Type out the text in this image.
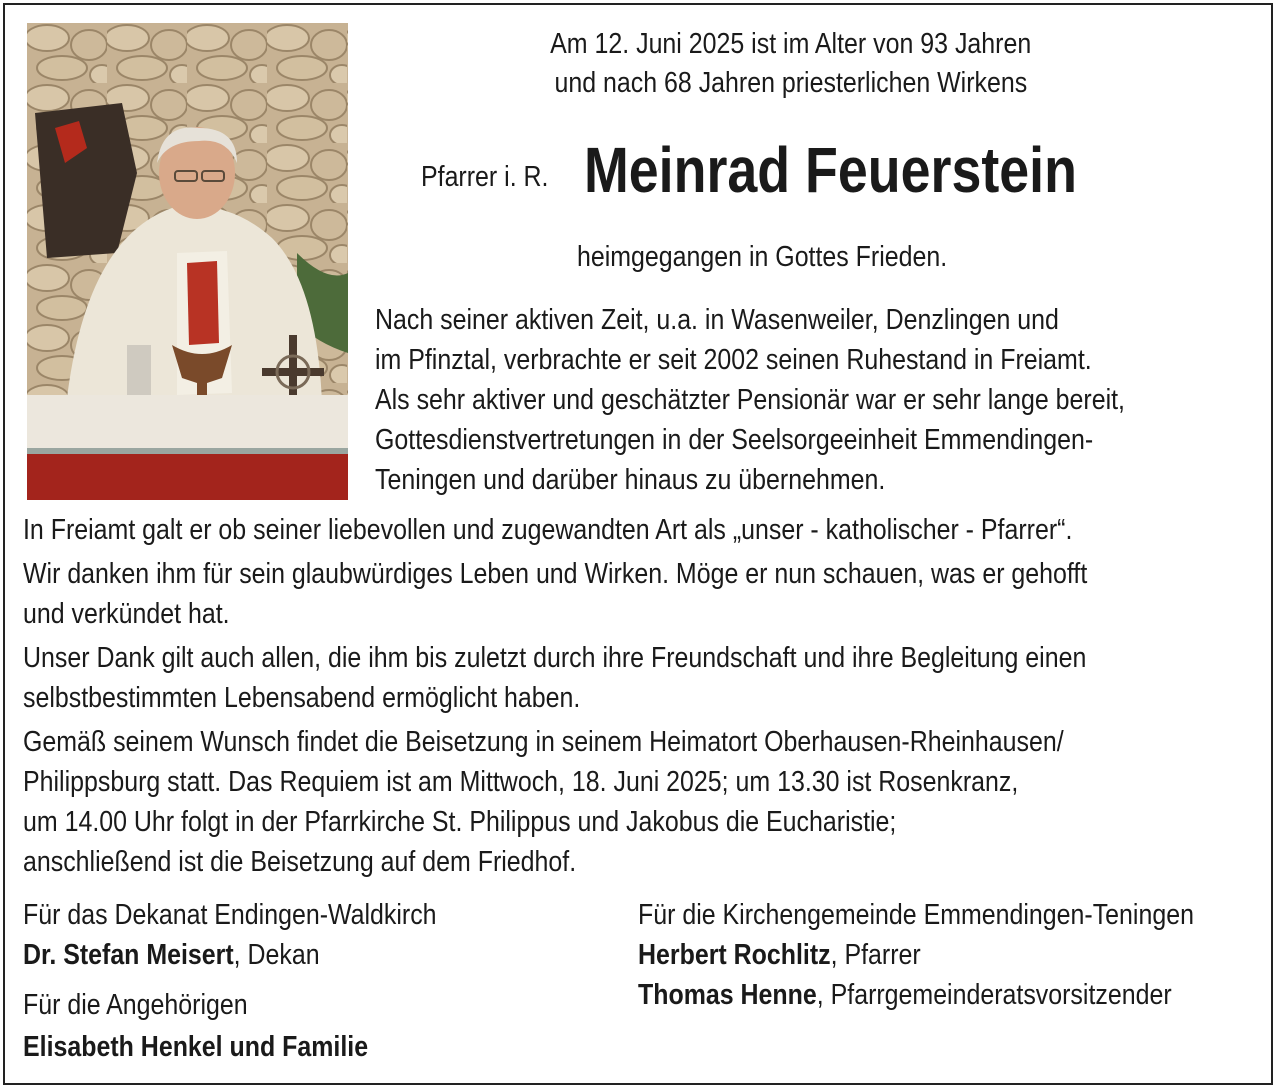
Am 12. Juni 2025 ist im Alter von 93 Jahren
und nach 68 Jahren priesterlichen Wirkens
Pfarrer i. R. Meinrad Feuerstein
heimgegangen in Gottes Frieden.
Nach seiner aktiven Zeit, u.a. in Wasenweiler, Denzlingen und
im Pfinztal, verbrachte er seit 2002 seinen Ruhestand in Freiamt.
Als sehr aktiver und geschätzter Pensionär war er sehr lange bereit,
Gottesdienstvertretungen in der Seelsorgeeinheit Emmendingen-
Teningen und darüber hinaus zu übernehmen.
In Freiamt galt er ob seiner liebevollen und zugewandten Art als „unser - katholischer - Pfarrer“.
Wir danken ihm für sein glaubwürdiges Leben und Wirken. Möge er nun schauen, was er gehofft
und verkündet hat.
Unser Dank gilt auch allen, die ihm bis zuletzt durch ihre Freundschaft und ihre Begleitung einen
selbstbestimmten Lebensabend ermöglicht haben.
Gemäß seinem Wunsch findet die Beisetzung in seinem Heimatort Oberhausen-Rheinhausen/
Philippsburg statt. Das Requiem ist am Mittwoch, 18. Juni 2025; um 13.30 ist Rosenkranz,
um 14.00 Uhr folgt in der Pfarrkirche St. Philippus und Jakobus die Eucharistie;
anschließend ist die Beisetzung auf dem Friedhof.
Für das Dekanat Endingen-Waldkirch
Dr. Stefan Meisert, Dekan
Für die Angehörigen
Elisabeth Henkel und Familie
Für die Kirchengemeinde Emmendingen-Teningen
Herbert Rochlitz, Pfarrer
Thomas Henne, Pfarrgemeinderatsvorsitzender
